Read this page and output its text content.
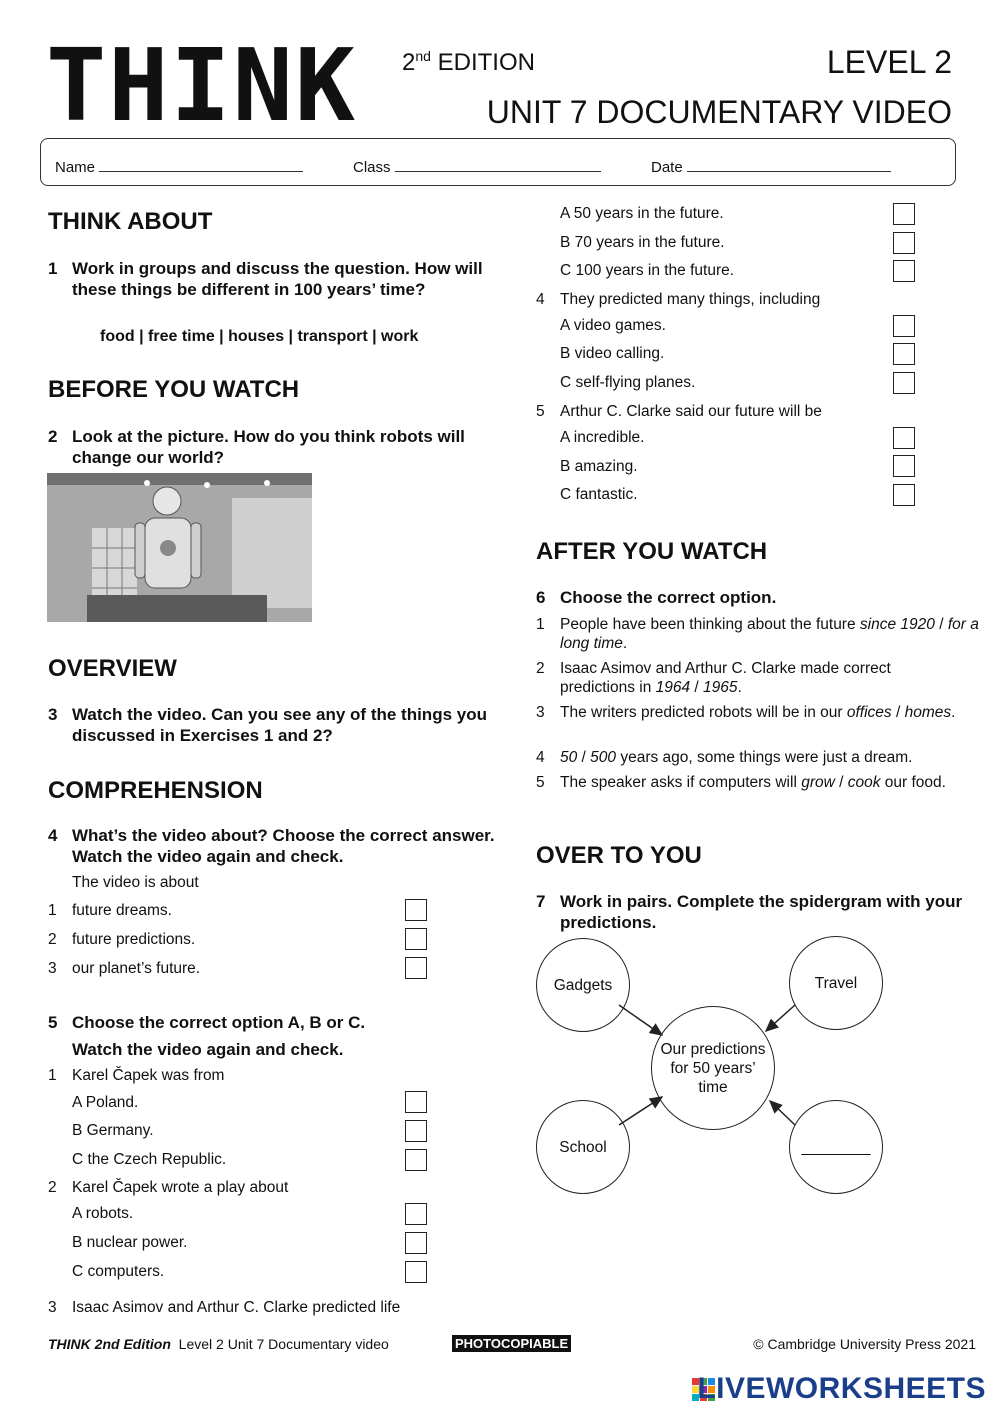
THINK 2nd EDITION	LEVEL 2
UNIT 7 DOCUMENTARY VIDEO
Name	Class	Date
THINK ABOUT
1 Work in groups and discuss the question. How will these things be different in 100 years’ time?
food | free time | houses | transport | work
BEFORE YOU WATCH
2 Look at the picture. How do you think robots will change our world?
OVERVIEW
3 Watch the video. Can you see any of the things you discussed in Exercises 1 and 2?
COMPREHENSION
4 What’s the video about? Choose the correct answer. Watch the video again and check.
The video is about
1 future dreams.
2 future predictions.
3 our planet’s future.
5 Choose the correct option A, B or C.
Watch the video again and check.
1 Karel Čapek was from
A Poland.
B Germany.
C the Czech Republic.
2 Karel Čapek wrote a play about
A robots.
B nuclear power.
C computers.
3 Isaac Asimov and Arthur C. Clarke predicted life
A 50 years in the future.
B 70 years in the future.
C 100 years in the future.
4 They predicted many things, including
A video games.
B video calling.
C self-flying planes.
5 Arthur C. Clarke said our future will be
A incredible.
B amazing.
C fantastic.
AFTER YOU WATCH
6 Choose the correct option.
1 People have been thinking about the future since 1920 / for a long time.
2 Isaac Asimov and Arthur C. Clarke made correct predictions in 1964 / 1965.
3 The writers predicted robots will be in our offices / homes.
4 50 / 500 years ago, some things were just a dream.
5 The speaker asks if computers will grow / cook our food.
OVER TO YOU
7 Work in pairs. Complete the spidergram with your predictions.
Our predictions for 50 years’ time
Gadgets	Travel
School	________
THINK 2nd Edition Level 2 Unit 7 Documentary video	PHOTOCOPIABLE	© Cambridge University Press 2021
LIVEWORKSHEETS
